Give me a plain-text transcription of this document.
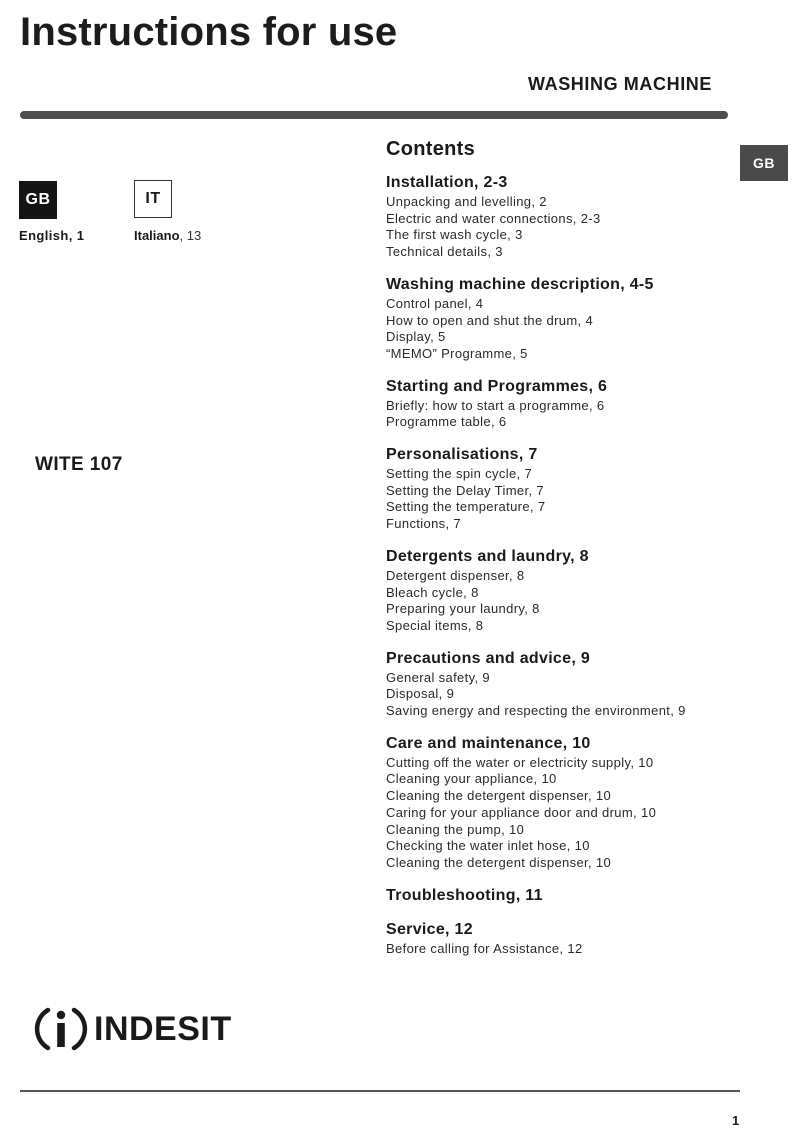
Instructions for use
WASHING MACHINE
GB
GB	IT
English, 1	Italiano, 13
WITE 107
Contents
Installation, 2-3
Unpacking and levelling, 2
Electric and water connections, 2-3
The first wash cycle, 3
Technical details, 3
Washing machine description, 4-5
Control panel, 4
How to open and shut the drum, 4
Display, 5
“MEMO” Programme, 5
Starting and Programmes, 6
Briefly: how to start a programme, 6
Programme table, 6
Personalisations, 7
Setting the spin cycle, 7
Setting the Delay Timer, 7
Setting the temperature, 7
Functions, 7
Detergents and laundry, 8
Detergent dispenser, 8
Bleach cycle, 8
Preparing your laundry, 8
Special items, 8
Precautions and advice, 9
General safety, 9
Disposal, 9
Saving energy and respecting the environment, 9
Care and maintenance, 10
Cutting off the water or electricity supply, 10
Cleaning your appliance, 10
Cleaning the detergent dispenser, 10
Caring for your appliance door and drum, 10
Cleaning the pump, 10
Checking the water inlet hose, 10
Cleaning the detergent dispenser, 10
Troubleshooting, 11
Service, 12
Before calling for Assistance, 12
INDESIT
1
